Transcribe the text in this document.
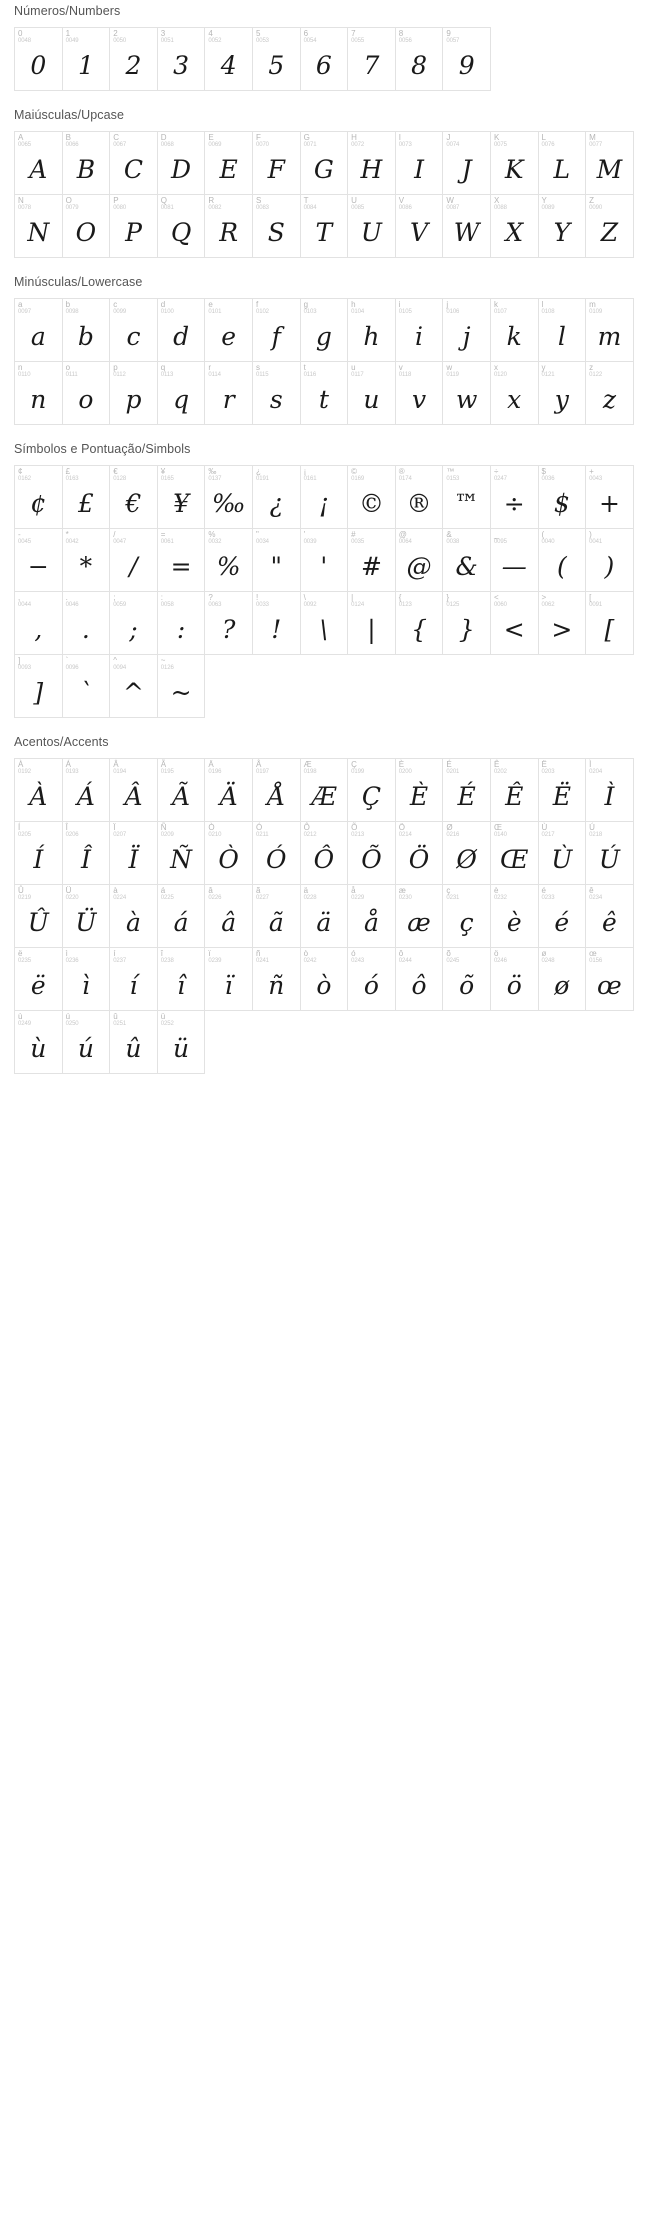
Números/Numbers
0
0048
0
1
0049
1
2
0050
2
3
0051
3
4
0052
4
5
0053
5
6
0054
6
7
0055
7
8
0056
8
9
0057
9
Maiúsculas/Upcase
A
0065
A
B
0066
B
C
0067
C
D
0068
D
E
0069
E
F
0070
F
G
0071
G
H
0072
H
I
0073
I
J
0074
J
K
0075
K
L
0076
L
M
0077
M
N
0078
N
O
0079
O
P
0080
P
Q
0081
Q
R
0082
R
S
0083
S
T
0084
T
U
0085
U
V
0086
V
W
0087
W
X
0088
X
Y
0089
Y
Z
0090
Z
Minúsculas/Lowercase
a
0097
a
b
0098
b
c
0099
c
d
0100
d
e
0101
e
f
0102
f
g
0103
g
h
0104
h
i
0105
i
j
0106
j
k
0107
k
l
0108
l
m
0109
m
n
0110
n
o
0111
o
p
0112
p
q
0113
q
r
0114
r
s
0115
s
t
0116
t
u
0117
u
v
0118
v
w
0119
w
x
0120
x
y
0121
y
z
0122
z
Símbolos e Pontuação/Simbols
¢
0162
¢
£
0163
£
€
0128
€
¥
0165
¥
‰
0137
‰
¿
0191
¿
¡
0161
¡
©
0169
©
®
0174
®
™
0153
™
÷
0247
÷
$
0036
$
+
0043
+
-
0045
−
*
0042
*
/
0047
/
=
0061
=
%
0032
%
"
0034
"
'
0039
'
#
0035
#
@
0064
@
&
0038
&
_
0095
—
(
0040
(
)
0041
)
,
0044
,
.
0046
.
;
0059
;
:
0058
:
?
0063
?
!
0033
!
\
0092
\
|
0124
|
{
0123
{
}
0125
}
<
0060
<
>
0062
>
[
0091
[
]
0093
]
`
0096
`
^
0094
^
~
0126
~
Acentos/Accents
À
0192
À
Á
0193
Á
Â
0194
Â
Ã
0195
Ã
Ä
0196
Ä
Å
0197
Å
Æ
0198
Æ
Ç
0199
Ç
È
0200
È
É
0201
É
Ê
0202
Ê
Ë
0203
Ë
Ì
0204
Ì
Í
0205
Í
Î
0206
Î
Ï
0207
Ï
Ñ
0209
Ñ
Ò
0210
Ò
Ó
0211
Ó
Ô
0212
Ô
Õ
0213
Õ
Ö
0214
Ö
Ø
0216
Ø
Œ
0140
Œ
Ù
0217
Ù
Ú
0218
Ú
Û
0219
Û
Ü
0220
Ü
à
0224
à
á
0225
á
â
0226
â
ã
0227
ã
ä
0228
ä
å
0229
å
æ
0230
æ
ç
0231
ç
è
0232
è
é
0233
é
ê
0234
ê
ë
0235
ë
ì
0236
ì
í
0237
í
î
0238
î
ï
0239
ï
ñ
0241
ñ
ò
0242
ò
ó
0243
ó
ô
0244
ô
õ
0245
õ
ö
0246
ö
ø
0248
ø
œ
0156
œ
ù
0249
ù
ú
0250
ú
û
0251
û
ü
0252
ü
